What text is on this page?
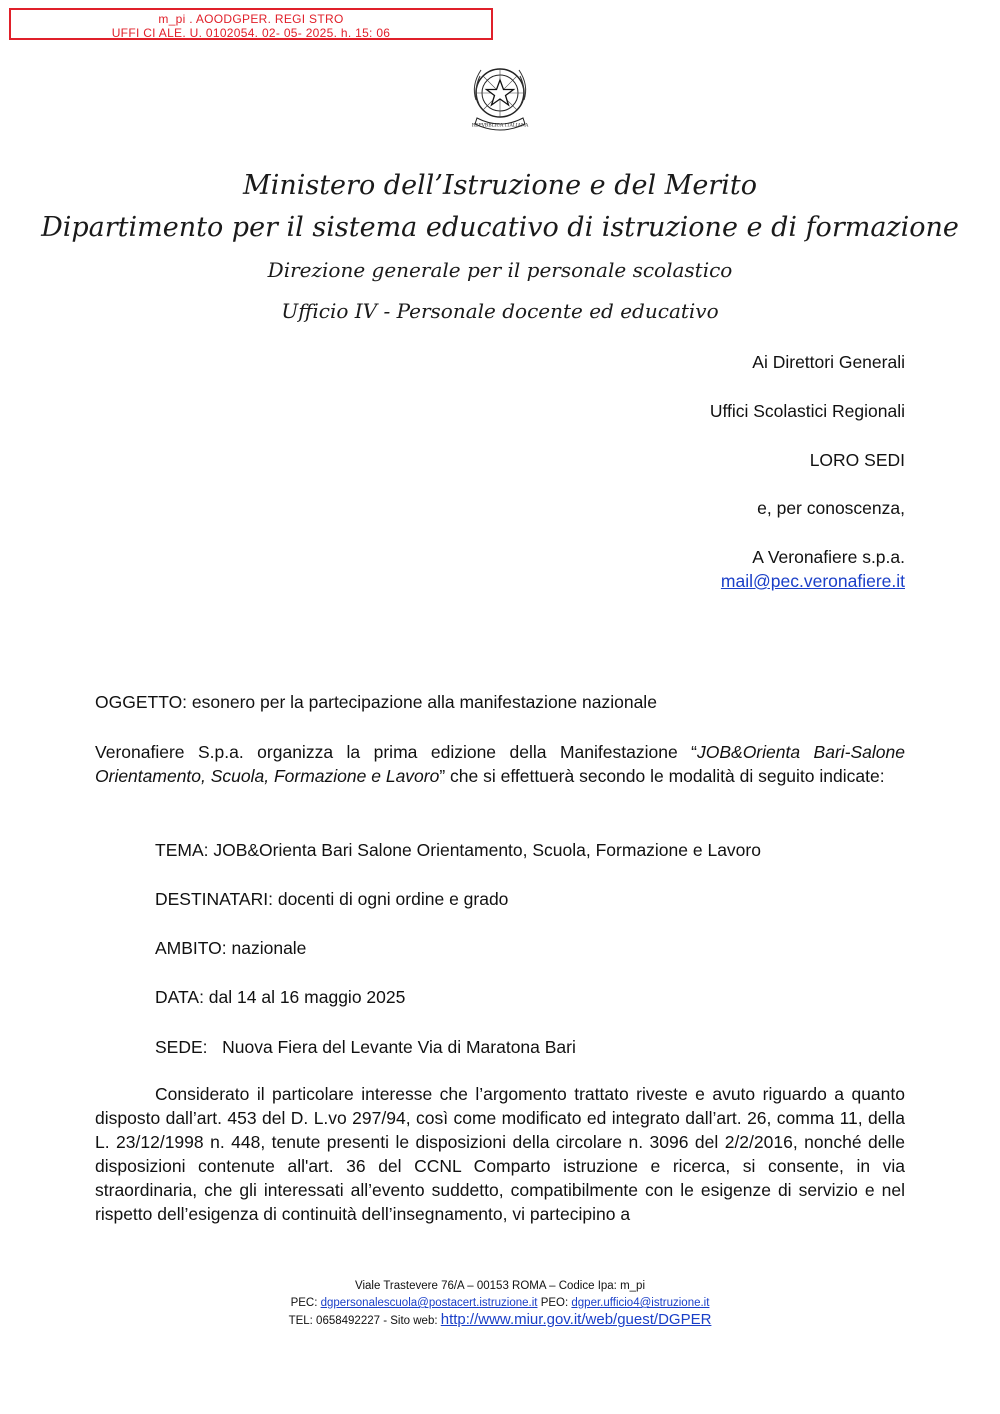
m_pi . AOODGPER. REGI STRO
UFFI CI ALE. U. 0102054. 02- 05- 2025. h. 15: 06
REPVBBLICA ITALIANA
Ministero dell’Istruzione e del Merito
Dipartimento per il sistema educativo di istruzione e di formazione
Direzione generale per il personale scolastico
Ufficio IV - Personale docente ed educativo
Ai Direttori Generali
Uffici Scolastici Regionali
LORO SEDI
e, per conoscenza,
A Veronafiere s.p.a.
mail@pec.veronafiere.it
OGGETTO: esonero per la partecipazione alla manifestazione nazionale
Veronafiere S.p.a. organizza la prima edizione della Manifestazione “JOB&Orienta Bari-Salone Orientamento, Scuola, Formazione e Lavoro” che si effettuerà secondo le modalità di seguito indicate:
TEMA: JOB&Orienta Bari Salone Orientamento, Scuola, Formazione e Lavoro
DESTINATARI: docenti di ogni ordine e grado
AMBITO: nazionale
DATA: dal 14 al 16 maggio 2025
SEDE:   Nuova Fiera del Levante Via di Maratona Bari
Considerato il particolare interesse che l’argomento trattato riveste e avuto riguardo a quanto disposto dall’art. 453 del D. L.vo 297/94, così come modificato ed integrato dall’art. 26, comma 11, della L. 23/12/1998 n. 448, tenute presenti le disposizioni della circolare n. 3096 del 2/2/2016, nonché delle disposizioni contenute all'art. 36 del CCNL Comparto istruzione e ricerca, si consente, in via straordinaria, che gli interessati all’evento suddetto, compatibilmente con le esigenze di servizio e nel rispetto dell’esigenza di continuità dell’insegnamento, vi partecipino a
Viale Trastevere 76/A – 00153 ROMA – Codice Ipa: m_pi
PEC: dgpersonalescuola@postacert.istruzione.it PEO: dgper.ufficio4@istruzione.it
TEL: 0658492227 - Sito web: http://www.miur.gov.it/web/guest/DGPER
